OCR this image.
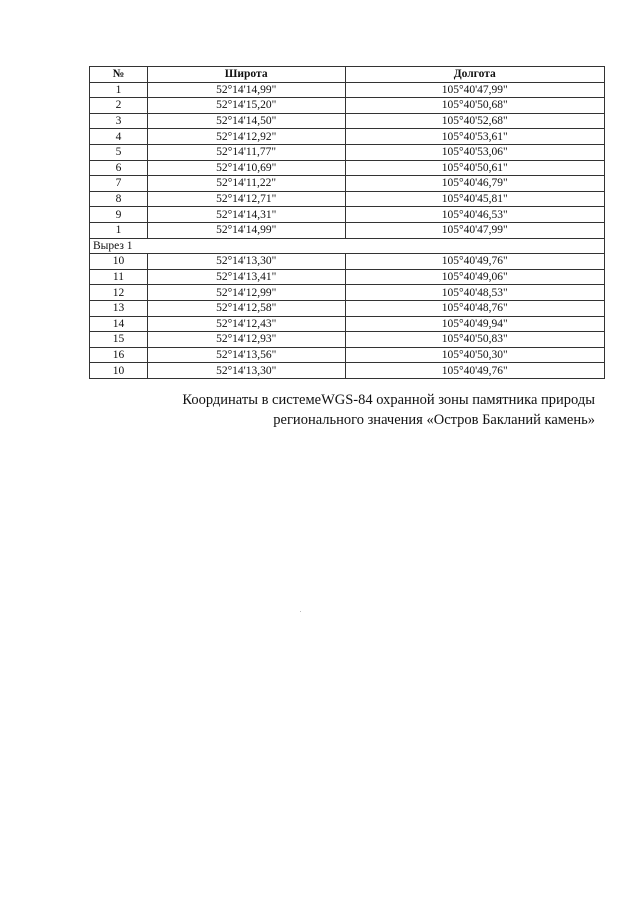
№	Широта	Долгота
1	52°14'14,99"	105°40'47,99"
2	52°14'15,20"	105°40'50,68"
3	52°14'14,50"	105°40'52,68"
4	52°14'12,92"	105°40'53,61"
5	52°14'11,77"	105°40'53,06"
6	52°14'10,69"	105°40'50,61"
7	52°14'11,22"	105°40'46,79"
8	52°14'12,71"	105°40'45,81"
9	52°14'14,31"	105°40'46,53"
1	52°14'14,99"	105°40'47,99"
Вырез 1		
10	52°14'13,30"	105°40'49,76"
11	52°14'13,41"	105°40'49,06"
12	52°14'12,99"	105°40'48,53"
13	52°14'12,58"	105°40'48,76"
14	52°14'12,43"	105°40'49,94"
15	52°14'12,93"	105°40'50,83"
16	52°14'13,56"	105°40'50,30"
10	52°14'13,30"	105°40'49,76"
Координаты в системеWGS-84 охранной зоны памятника природы
регионального значения «Остров Бакланий камень»
